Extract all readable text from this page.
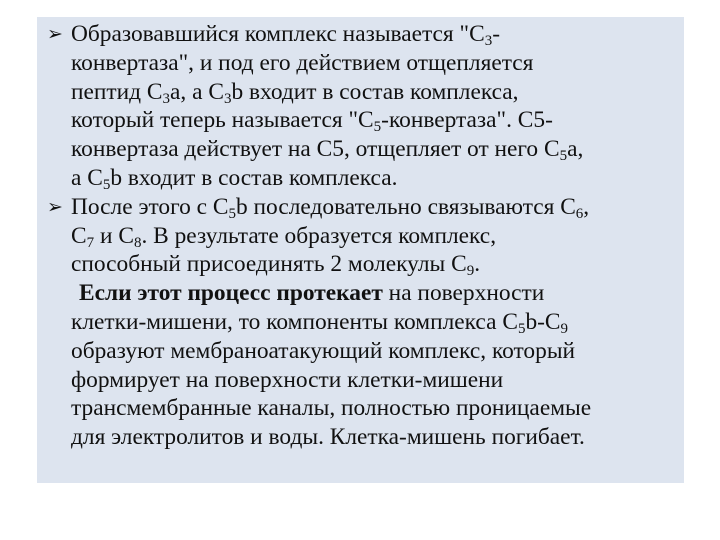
➢ Образовавшийся комплекс называется "$С_3-$
конвертаза", и под его действием отщепляется
пептид $С_3а$, а $С_3b$ входит в состав комплекса,
который теперь называется "$С_5$-конвертаза". С5-
конвертаза действует на С5, отщепляет от него $С_5а$,
а $С_5b$ входит в состав комплекса.
➢ После этого с $С_5b$ последовательно связываются $С_6$,
$С_7$ и $С_8$. В результате образуется комплекс,
способный присоединять 2 молекулы $С_9$.
Если этот процесс протекает на поверхности
клетки-мишени, то компоненты комплекса $С_5b-С_9$
образуют мембраноатакующий комплекс, который
формирует на поверхности клетки-мишени
трансмембранные каналы, полностью проницаемые
для электролитов и воды. Клетка-мишень погибает.
